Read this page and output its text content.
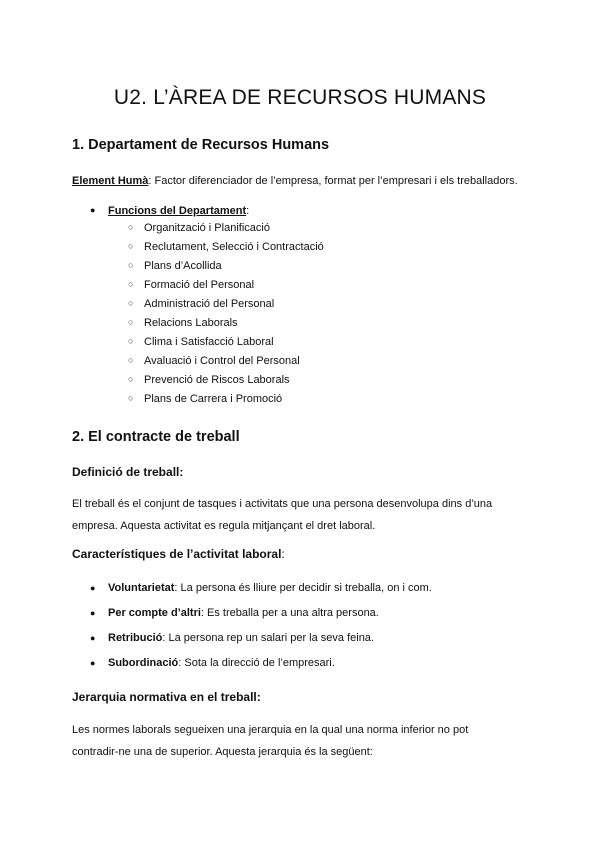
U2. L’ÀREA DE RECURSOS HUMANS
1. Departament de Recursos Humans

Element Humà: Factor diferenciador de l’empresa, format per l’empresari i els treballadors.

● Funcions del Departament:
○ Organització i Planificació
○ Reclutament, Selecció i Contractació
○ Plans d’Acollida
○ Formació del Personal
○ Administració del Personal
○ Relacions Laborals
○ Clima i Satisfacció Laboral
○ Avaluació i Control del Personal
○ Prevenció de Riscos Laborals
○ Plans de Carrera i Promoció
2. El contracte de treball
Definició de treball:

El treball és el conjunt de tasques i activitats que una persona desenvolupa dins d’una
empresa. Aquesta activitat es regula mitjançant el dret laboral.

Característiques de l’activitat laboral:
● Voluntarietat: La persona és lliure per decidir si treballa, on i com.
● Per compte d’altri: Es treballa per a una altra persona.
● Retribució: La persona rep un salari per la seva feina.
● Subordinació: Sota la direcció de l’empresari.
Jerarquia normativa en el treball:

Les normes laborals segueixen una jerarquia en la qual una norma inferior no pot
contradir-ne una de superior. Aquesta jerarquia és la següent:
